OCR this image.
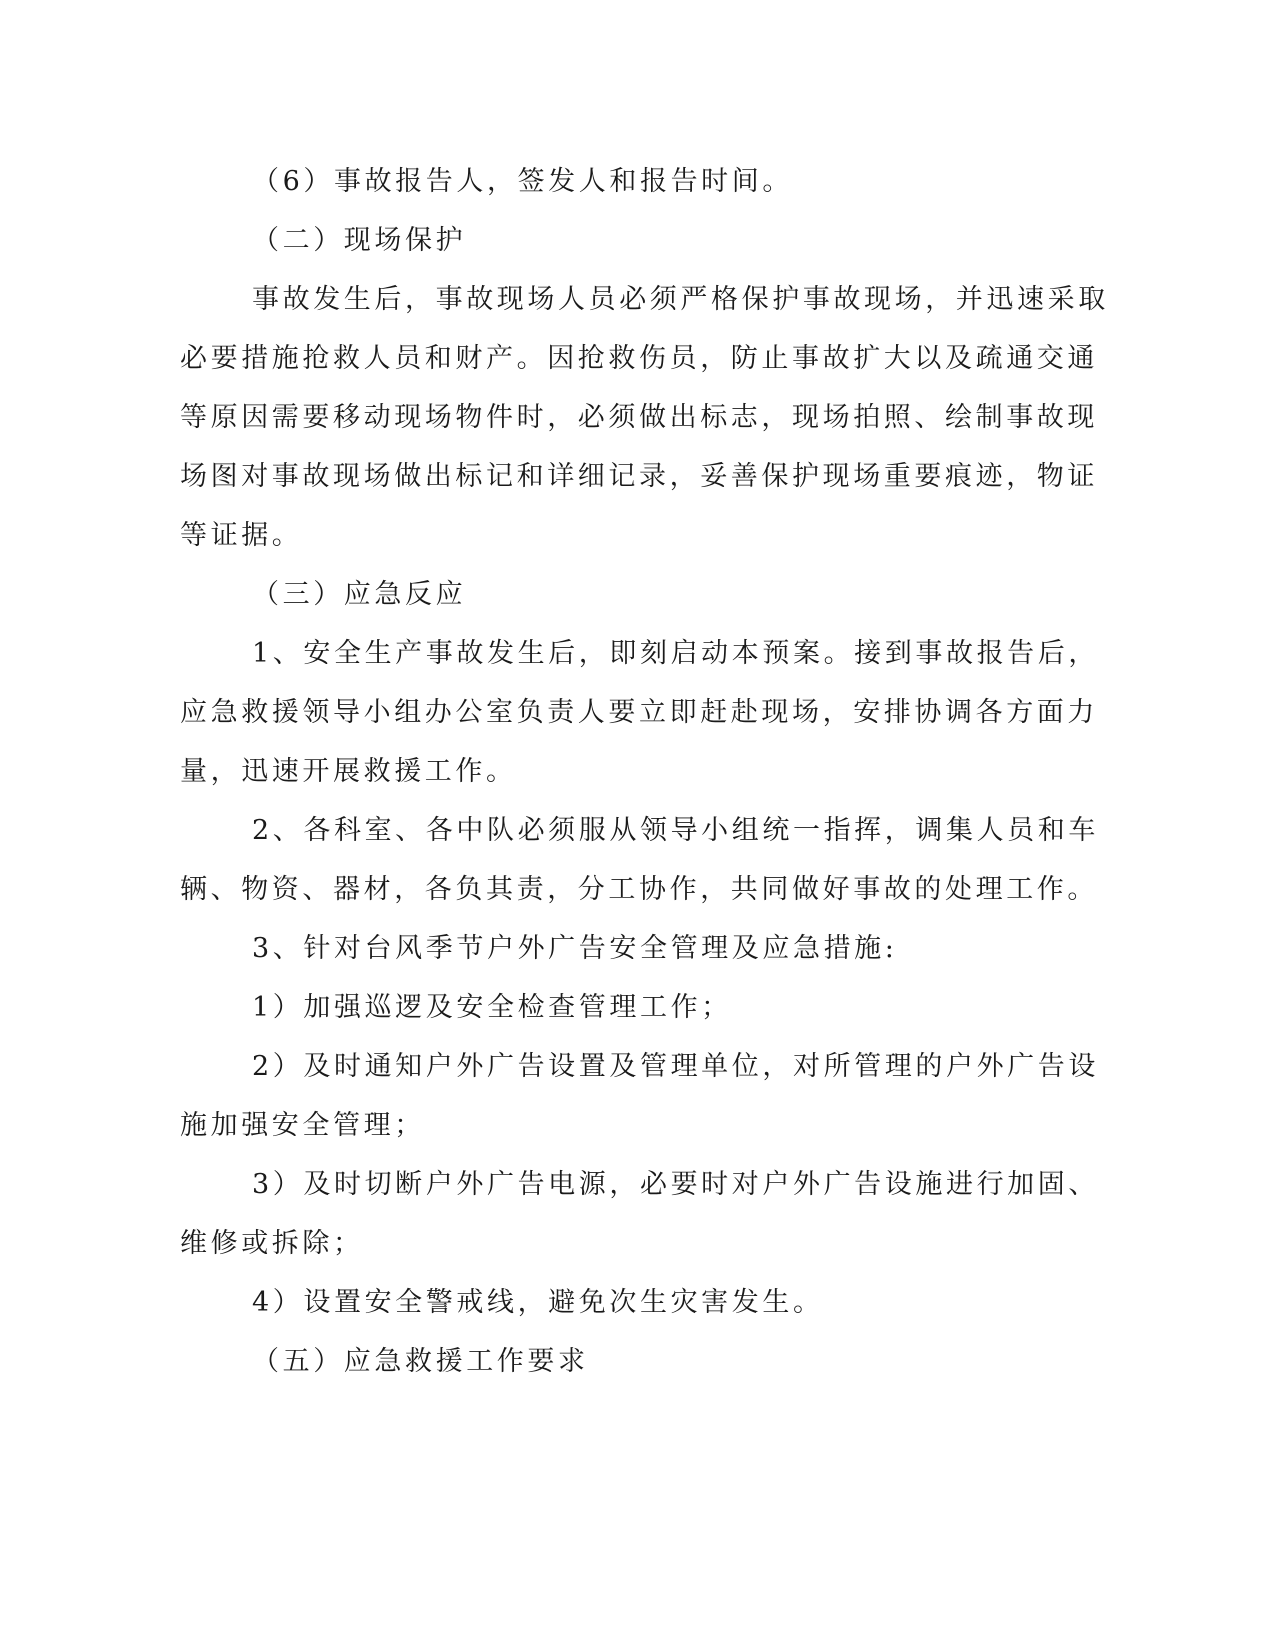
（6）事故报告人，签发人和报告时间。
（二）现场保护
事故发生后，事故现场人员必须严格保护事故现场，并迅速采取
必要措施抢救人员和财产。因抢救伤员，防止事故扩大以及疏通交通
等原因需要移动现场物件时，必须做出标志，现场拍照、绘制事故现
场图对事故现场做出标记和详细记录，妥善保护现场重要痕迹，物证
等证据。
（三）应急反应
1、安全生产事故发生后，即刻启动本预案。接到事故报告后，
应急救援领导小组办公室负责人要立即赶赴现场，安排协调各方面力
量，迅速开展救援工作。
2、各科室、各中队必须服从领导小组统一指挥，调集人员和车
辆、物资、器材，各负其责，分工协作，共同做好事故的处理工作。
3、针对台风季节户外广告安全管理及应急措施:
1）加强巡逻及安全检查管理工作；
2）及时通知户外广告设置及管理单位，对所管理的户外广告设
施加强安全管理；
3）及时切断户外广告电源，必要时对户外广告设施进行加固、
维修或拆除；
4）设置安全警戒线，避免次生灾害发生。
（五）应急救援工作要求
